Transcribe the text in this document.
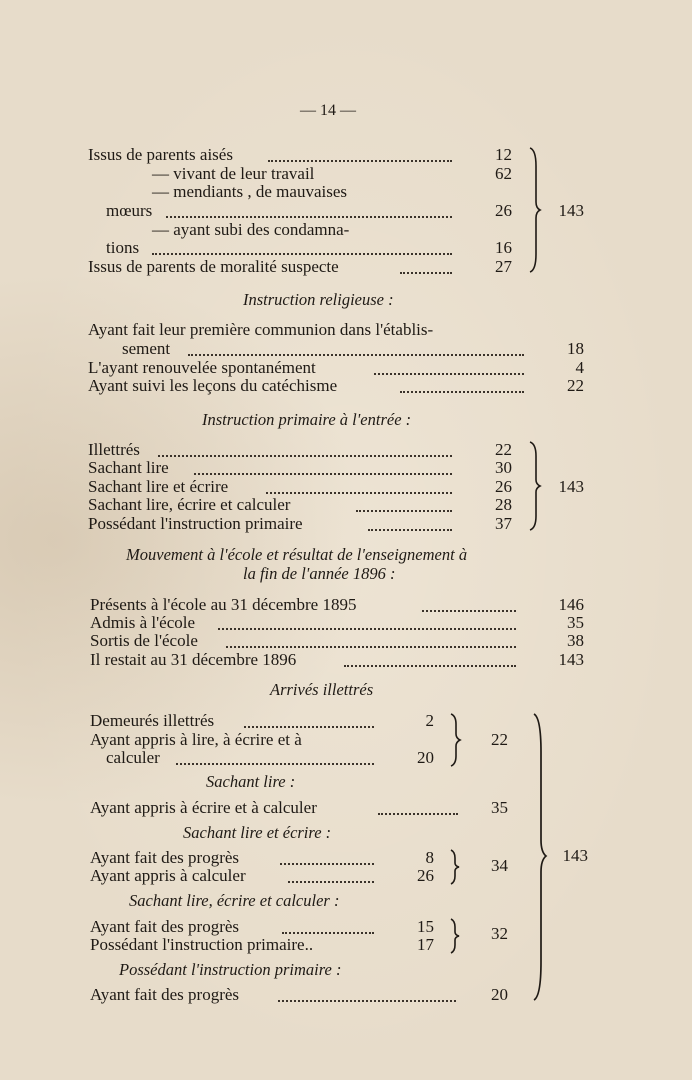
— 14 —
Issus de parents aisés	12
— vivant de leur travail	62
— mendiants , de mauvaises
mœurs	26
— ayant subi des condamna-
tions	16
Issus de parents de moralité suspecte	27
143
Instruction religieuse :
Ayant fait leur première communion dans l'établis-
sement	18
L'ayant renouvelée spontanément	4
Ayant suivi les leçons du catéchisme	22
Instruction primaire à l'entrée :
Illettrés	22
Sachant lire	30
Sachant lire et écrire	26
Sachant lire, écrire et calculer	28
Possédant l'instruction primaire	37
143
Mouvement à l'école et résultat de l'enseignement à
la fin de l'année 1896 :
Présents à l'école au 31 décembre 1895	146
Admis à l'école	35
Sortis de l'école	38
Il restait au 31 décembre 1896	143
Arrivés illettrés
Demeurés illettrés	2
Ayant appris à lire, à écrire et à
calculer	20
22
Sachant lire :
Ayant appris à écrire et à calculer	35
Sachant lire et écrire :
Ayant fait des progrès	8
Ayant appris à calculer	26
34
Sachant lire, écrire et calculer :
Ayant fait des progrès	15
Possédant l'instruction primaire..	17
32
Possédant l'instruction primaire :
Ayant fait des progrès	20
143
